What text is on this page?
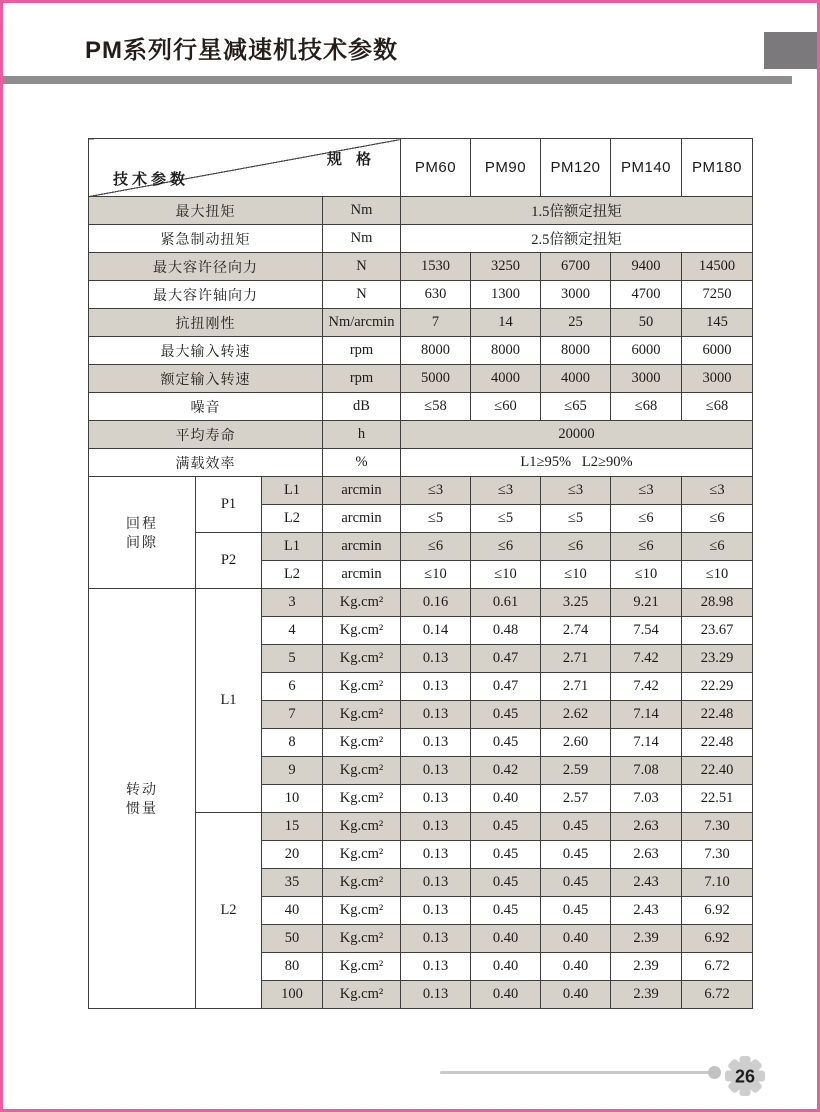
PM系列行星减速机技术参数
规 格
技术参数				PM60	PM90	PM120	PM140	PM180
最大扭矩			Nm	1.5倍额定扭矩				
紧急制动扭矩			Nm	2.5倍额定扭矩				
最大容许径向力			N	1530	3250	6700	9400	14500
最大容许轴向力			N	630	1300	3000	4700	7250
抗扭刚性			Nm/arcmin	7	14	25	50	145
最大输入转速			rpm	8000	8000	8000	6000	6000
额定输入转速			rpm	5000	4000	4000	3000	3000
噪音			dB	≤58	≤60	≤65	≤68	≤68
平均寿命			h	20000				
满载效率			%	L1≥95%   L2≥90%				

回程
间隙	P1	L1	arcmin	≤3	≤3	≤3	≤3	≤3
		L2	arcmin	≤5	≤5	≤5	≤6	≤6
	P2	L1	arcmin	≤6	≤6	≤6	≤6	≤6
		L2	arcmin	≤10	≤10	≤10	≤10	≤10

转动
惯量	L1	3	Kg.cm²	0.16	0.61	3.25	9.21	28.98
		4	Kg.cm²	0.14	0.48	2.74	7.54	23.67
		5	Kg.cm²	0.13	0.47	2.71	7.42	23.29
		6	Kg.cm²	0.13	0.47	2.71	7.42	22.29
		7	Kg.cm²	0.13	0.45	2.62	7.14	22.48
		8	Kg.cm²	0.13	0.45	2.60	7.14	22.48
		9	Kg.cm²	0.13	0.42	2.59	7.08	22.40
		10	Kg.cm²	0.13	0.40	2.57	7.03	22.51
	L2	15	Kg.cm²	0.13	0.45	0.45	2.63	7.30
		20	Kg.cm²	0.13	0.45	0.45	2.63	7.30
		35	Kg.cm²	0.13	0.45	0.45	2.43	7.10
		40	Kg.cm²	0.13	0.45	0.45	2.43	6.92
		50	Kg.cm²	0.13	0.40	0.40	2.39	6.92
		80	Kg.cm²	0.13	0.40	0.40	2.39	6.72
		100	Kg.cm²	0.13	0.40	0.40	2.39	6.72
26
